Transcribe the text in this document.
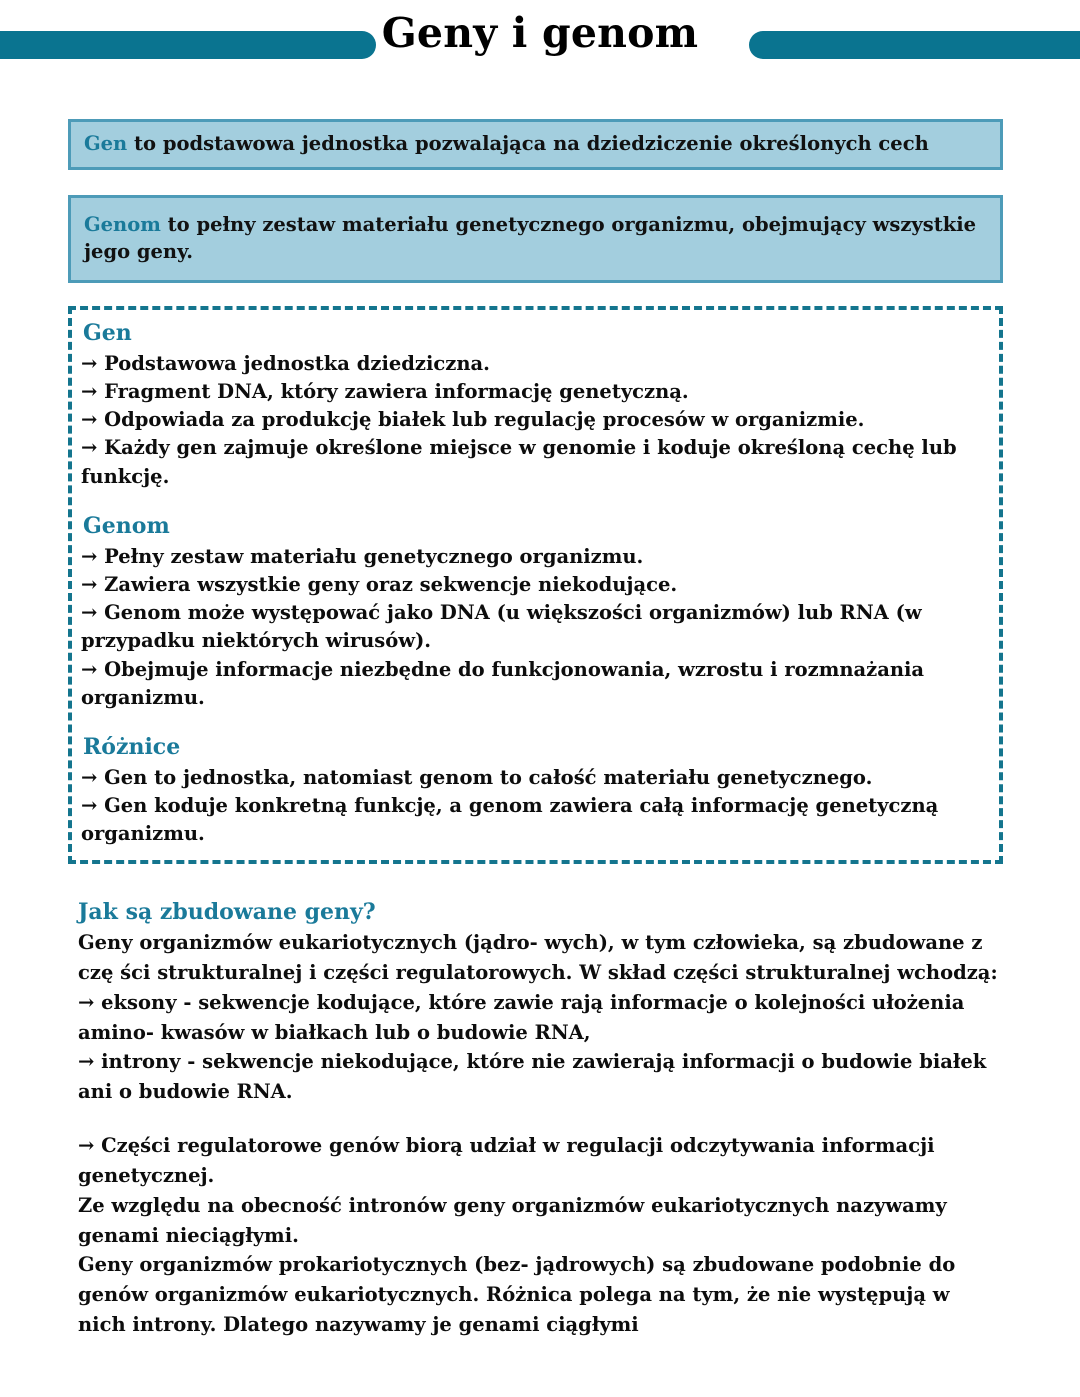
Geny i genom
Gen to podstawowa jednostka pozwalająca na dziedziczenie określonych cech
Genom to pełny zestaw materiału genetycznego organizmu, obejmujący wszystkie jego geny.
Gen
→ Podstawowa jednostka dziedziczna.
→ Fragment DNA, który zawiera informację genetyczną.
→ Odpowiada za produkcję białek lub regulację procesów w organizmie.
→ Każdy gen zajmuje określone miejsce w genomie i koduje określoną cechę lub funkcję.
Genom
→ Pełny zestaw materiału genetycznego organizmu.
→ Zawiera wszystkie geny oraz sekwencje niekodujące.
→ Genom może występować jako DNA (u większości organizmów) lub RNA (w przypadku niektórych wirusów).
→ Obejmuje informacje niezbędne do funkcjonowania, wzrostu i rozmnażania organizmu.
Różnice
→ Gen to jednostka, natomiast genom to całość materiału genetycznego.
→ Gen koduje konkretną funkcję, a genom zawiera całą informację genetyczną organizmu.
Jak są zbudowane geny?

Geny organizmów eukariotycznych (jądro- wych), w tym człowieka, są zbudowane z czę ści strukturalnej i części regulatorowych. W skład części strukturalnej wchodzą:

→ eksony - sekwencje kodujące, które zawie rają informacje o kolejności ułożenia amino- kwasów w białkach lub o budowie RNA,

→ introny - sekwencje niekodujące, które nie zawierają informacji o budowie białek ani o budowie RNA.

→ Części regulatorowe genów biorą udział w regulacji odczytywania informacji genetycznej.

Ze względu na obecność intronów geny organizmów eukariotycznych nazywamy genami nieciągłymi.

Geny organizmów prokariotycznych (bez- jądrowych) są zbudowane podobnie do genów organizmów eukariotycznych. Różnica polega na tym, że nie występują w nich introny. Dlatego nazywamy je genami ciągłymi
